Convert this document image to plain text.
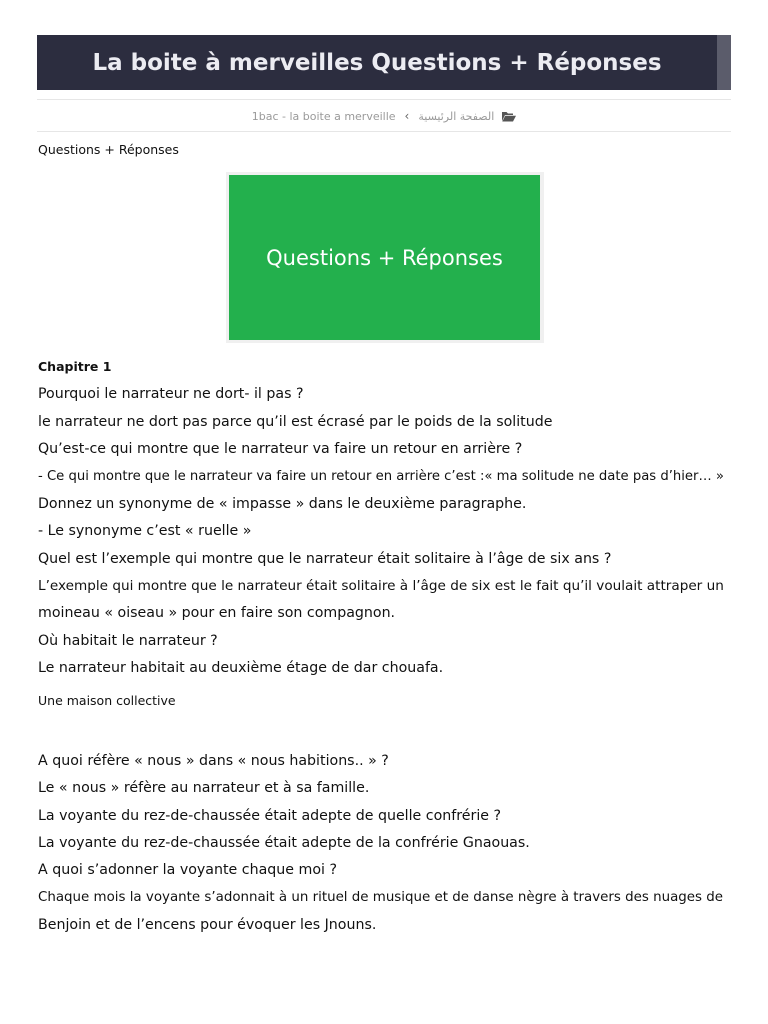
La boite à merveilles Questions + Réponses
1bac - la boite a merveille ‹ الصفحة الرئيسية
Questions + Réponses
Questions + Réponses
Chapitre 1
Pourquoi le narrateur ne dort- il pas ?
le narrateur ne dort pas parce qu’il est écrasé par le poids de la solitude
Qu’est-ce qui montre que le narrateur va faire un retour en arrière ?
- Ce qui montre que le narrateur va faire un retour en arrière c’est :« ma solitude ne date pas d’hier… »
Donnez un synonyme de « impasse » dans le deuxième paragraphe.
- Le synonyme c’est « ruelle »
Quel est l’exemple qui montre que le narrateur était solitaire à l’âge de six ans ?
L’exemple qui montre que le narrateur était solitaire à l’âge de six est le fait qu’il voulait attraper un
moineau « oiseau » pour en faire son compagnon.
Où habitait le narrateur ?
Le narrateur habitait au deuxième étage de dar chouafa.
Une maison collective
A quoi réfère « nous » dans « nous habitions.. » ?
Le « nous » réfère au narrateur et à sa famille.
La voyante du rez-de-chaussée était adepte de quelle confrérie ?
La voyante du rez-de-chaussée était adepte de la confrérie Gnaouas.
A quoi s’adonner la voyante chaque moi ?
Chaque mois la voyante s’adonnait à un rituel de musique et de danse nègre à travers des nuages de
Benjoin et de l’encens pour évoquer les Jnouns.
